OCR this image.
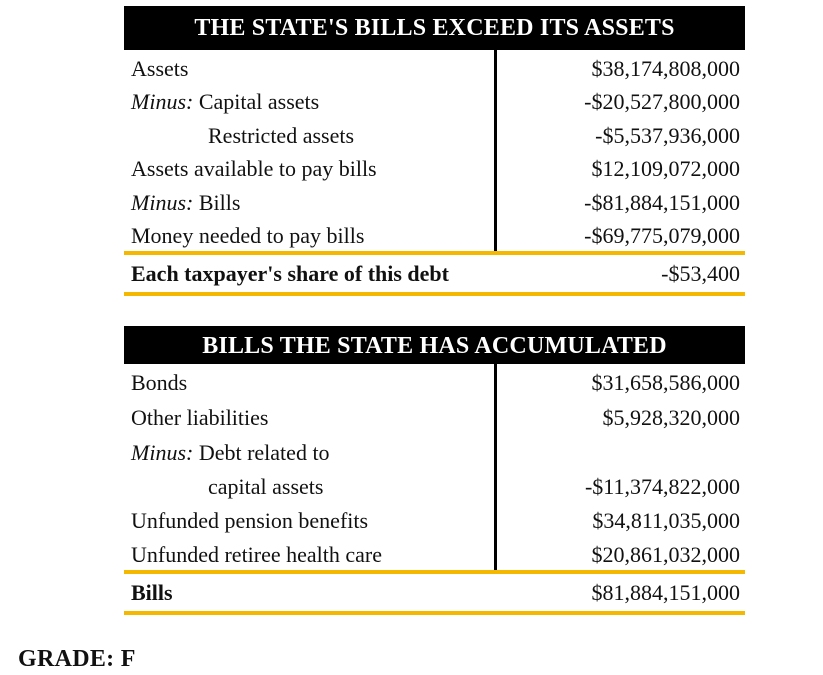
THE STATE'S BILLS EXCEED ITS ASSETS
Assets	$38,174,808,000
Minus: Capital assets	-$20,527,800,000
Restricted assets	-$5,537,936,000
Assets available to pay bills	$12,109,072,000
Minus: Bills	-$81,884,151,000
Money needed to pay bills	-$69,775,079,000
Each taxpayer's share of this debt	-$53,400
BILLS THE STATE HAS ACCUMULATED
Bonds	$31,658,586,000
Other liabilities	$5,928,320,000
Minus: Debt related to
capital assets	-$11,374,822,000
Unfunded pension benefits	$34,811,035,000
Unfunded retiree health care	$20,861,032,000
Bills	$81,884,151,000
GRADE: F
